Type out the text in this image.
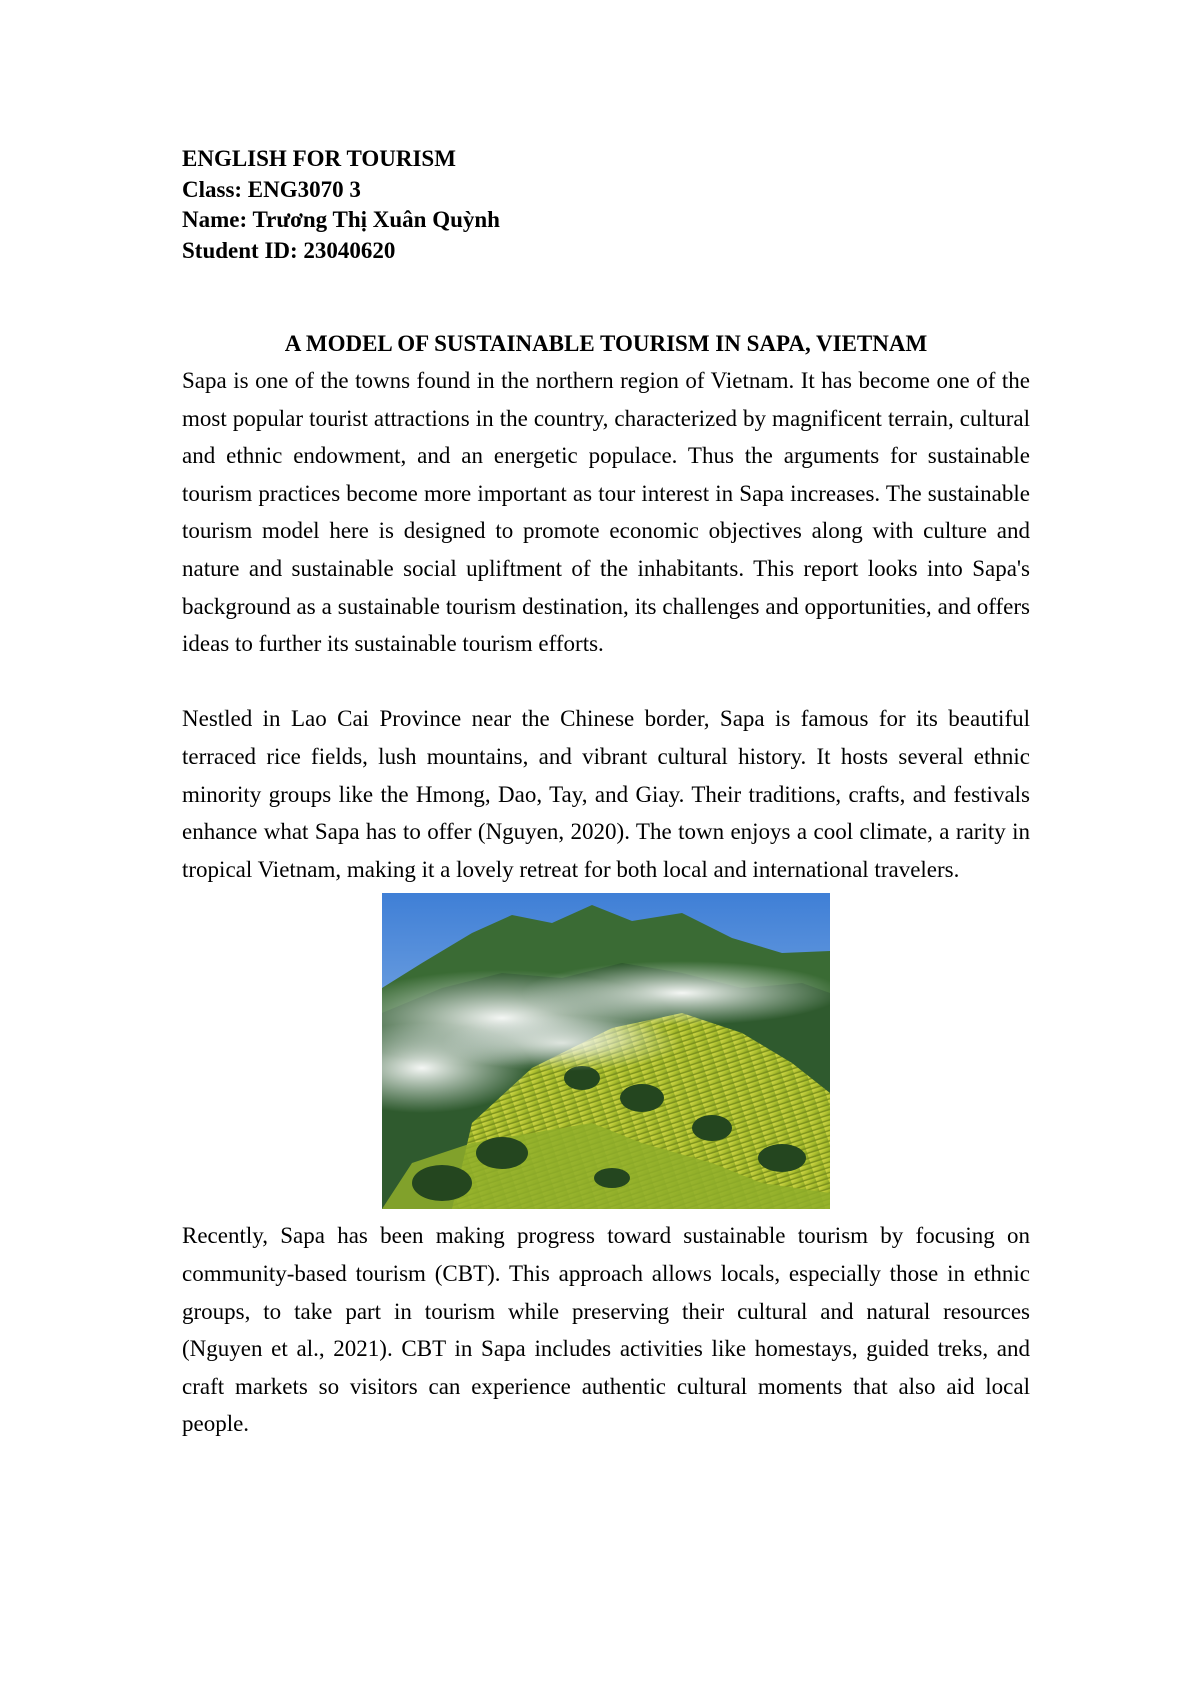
ENGLISH FOR TOURISM

Class: ENG3070 3

Name: Trương Thị Xuân Quỳnh

Student ID: 23040620

A MODEL OF SUSTAINABLE TOURISM IN SAPA, VIETNAM

Sapa is one of the towns found in the northern region of Vietnam. It has become one of the most popular tourist attractions in the country, characterized by magnificent terrain, cultural and ethnic endowment, and an energetic populace. Thus the arguments for sustainable tourism practices become more important as tour interest in Sapa increases. The sustainable tourism model here is designed to promote economic objectives along with culture and nature and sustainable social upliftment of the inhabitants. This report looks into Sapa's background as a sustainable tourism destination, its challenges and opportunities, and offers ideas to further its sustainable tourism efforts.

Nestled in Lao Cai Province near the Chinese border, Sapa is famous for its beautiful terraced rice fields, lush mountains, and vibrant cultural history. It hosts several ethnic minority groups like the Hmong, Dao, Tay, and Giay. Their traditions, crafts, and festivals enhance what Sapa has to offer (Nguyen, 2020). The town enjoys a cool climate, a rarity in tropical Vietnam, making it a lovely retreat for both local and international travelers.

Recently, Sapa has been making progress toward sustainable tourism by focusing on community-based tourism (CBT). This approach allows locals, especially those in ethnic groups, to take part in tourism while preserving their cultural and natural resources (Nguyen et al., 2021). CBT in Sapa includes activities like homestays, guided treks, and craft markets so visitors can experience authentic cultural moments that also aid local people.
